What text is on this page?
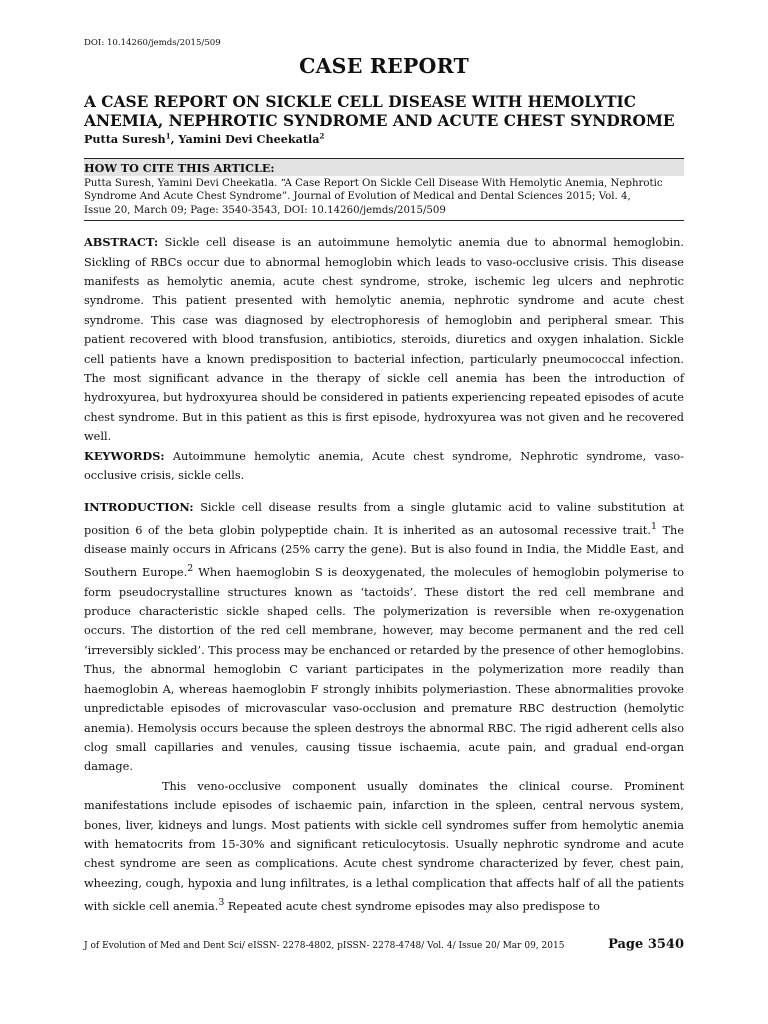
DOI: 10.14260/jemds/2015/509

CASE REPORT
A CASE REPORT ON SICKLE CELL DISEASE WITH HEMOLYTIC ANEMIA, NEPHROTIC SYNDROME AND ACUTE CHEST SYNDROME
Putta Suresh$^1$, Yamini Devi Cheekatla$^2$
HOW TO CITE THIS ARTICLE:
Putta Suresh, Yamini Devi Cheekatla. “A Case Report On Sickle Cell Disease With Hemolytic Anemia, Nephrotic Syndrome And Acute Chest Syndrome”. Journal of Evolution of Medical and Dental Sciences 2015; Vol. 4,
Issue 20, March 09; Page: 3540-3543, DOI: 10.14260/jemds/2015/509

ABSTRACT: Sickle cell disease is an autoimmune hemolytic anemia due to abnormal hemoglobin. Sickling of RBCs occur due to abnormal hemoglobin which leads to vaso-occlusive crisis. This disease manifests as hemolytic anemia, acute chest syndrome, stroke, ischemic leg ulcers and nephrotic syndrome. This patient presented with hemolytic anemia, nephrotic syndrome and acute chest syndrome. This case was diagnosed by electrophoresis of hemoglobin and peripheral smear. This patient recovered with blood transfusion, antibiotics, steroids, diuretics and oxygen inhalation. Sickle cell patients have a known predisposition to bacterial infection, particularly pneumococcal infection. The most significant advance in the therapy of sickle cell anemia has been the introduction of hydroxyurea, but hydroxyurea should be considered in patients experiencing repeated episodes of acute chest syndrome. But in this patient as this is first episode, hydroxyurea was not given and he recovered well.

KEYWORDS: Autoimmune hemolytic anemia, Acute chest syndrome, Nephrotic syndrome, vaso-occlusive crisis, sickle cells.

INTRODUCTION: Sickle cell disease results from a single glutamic acid to valine substitution at position 6 of the beta globin polypeptide chain. It is inherited as an autosomal recessive trait.$^1$ The disease mainly occurs in Africans (25% carry the gene). But is also found in India, the Middle East, and Southern Europe.$^2$ When haemoglobin S is deoxygenated, the molecules of hemoglobin polymerise to form pseudocrystalline structures known as ‘tactoids’. These distort the red cell membrane and produce characteristic sickle shaped cells. The polymerization is reversible when re-oxygenation occurs. The distortion of the red cell membrane, however, may become permanent and the red cell ‘irreversibly sickled’. This process may be enchanced or retarded by the presence of other hemoglobins. Thus, the abnormal hemoglobin C variant participates in the polymerization more readily than haemoglobin A, whereas haemoglobin F strongly inhibits polymeriastion. These abnormalities provoke unpredictable episodes of microvascular vaso-occlusion and premature RBC destruction (hemolytic anemia). Hemolysis occurs because the spleen destroys the abnormal RBC. The rigid adherent cells also clog small capillaries and venules, causing tissue ischaemia, acute pain, and gradual end-organ damage.

This veno-occlusive component usually dominates the clinical course. Prominent manifestations include episodes of ischaemic pain, infarction in the spleen, central nervous system, bones, liver, kidneys and lungs. Most patients with sickle cell syndromes suffer from hemolytic anemia with hematocrits from 15-30% and significant reticulocytosis. Usually nephrotic syndrome and acute chest syndrome are seen as complications. Acute chest syndrome characterized by fever, chest pain, wheezing, cough, hypoxia and lung infiltrates, is a lethal complication that affects half of all the patients with sickle cell anemia.$^3$ Repeated acute chest syndrome episodes may also predispose to

J of Evolution of Med and Dent Sci/ eISSN- 2278-4802, pISSN- 2278-4748/ Vol. 4/ Issue 20/ Mar 09, 2015	Page 3540
